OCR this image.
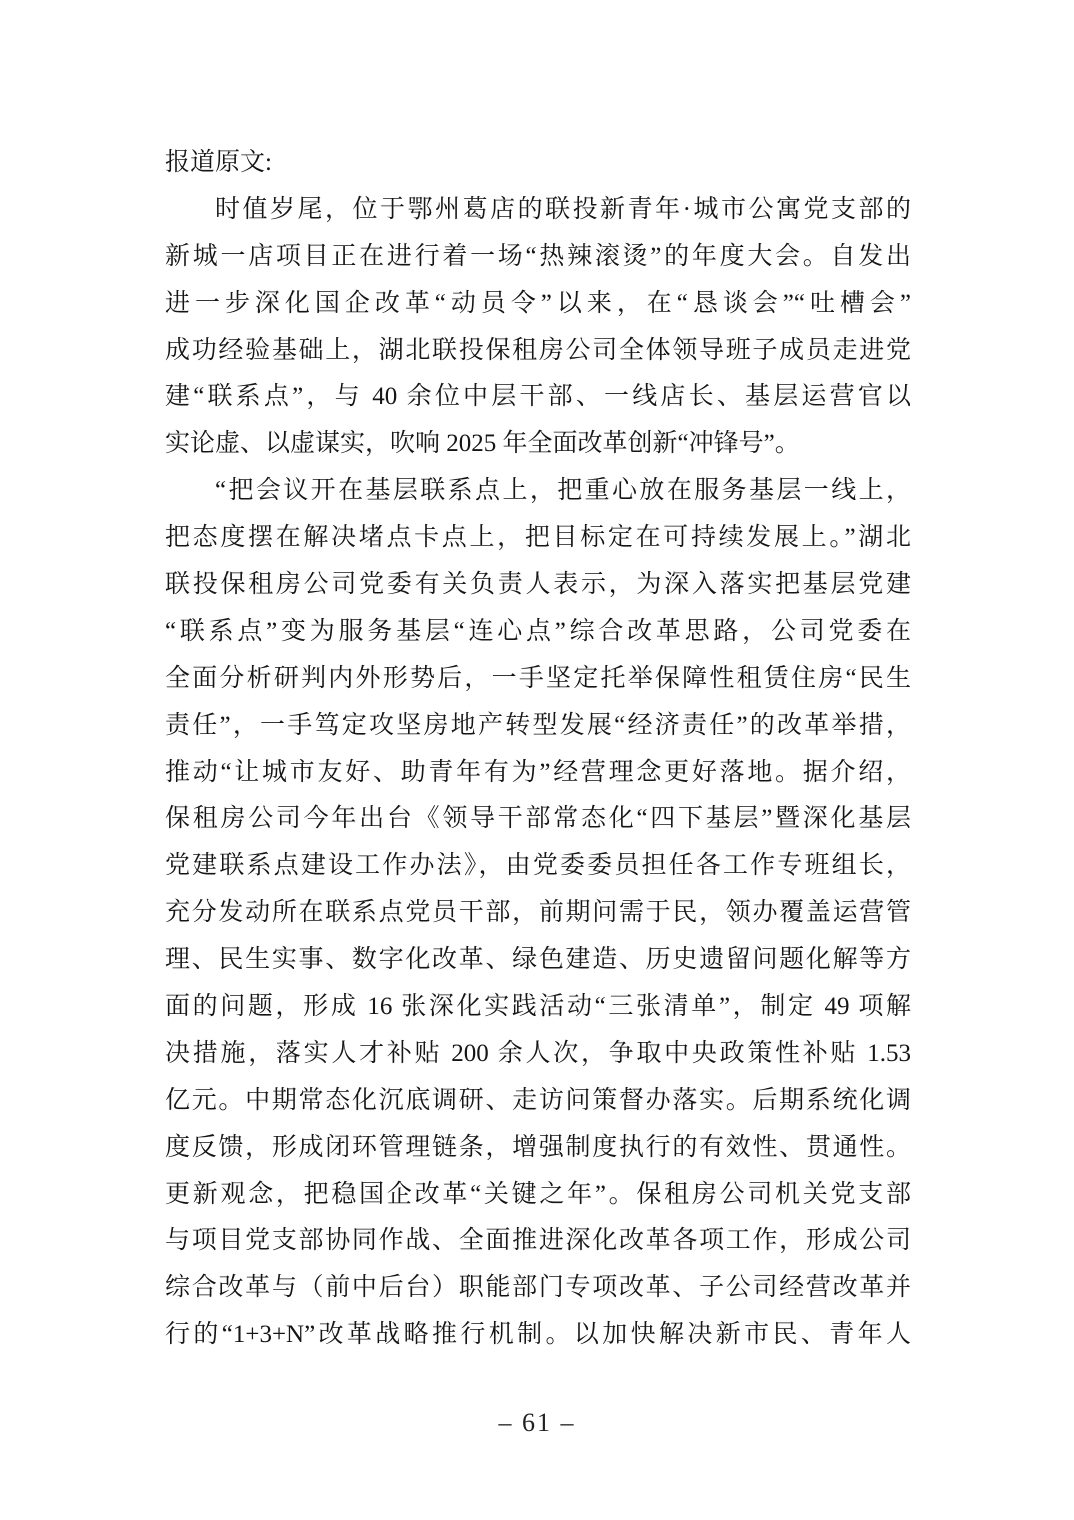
报道原文:
时值岁尾，位于鄂州葛店的联投新青年·城市公寓党支部的
新城一店项目正在进行着一场“热辣滚烫”的年度大会。自发出
进一步深化国企改革“动员令”以来，在“恳谈会”“吐槽会”
成功经验基础上，湖北联投保租房公司全体领导班子成员走进党
建“联系点”，与 40 余位中层干部、一线店长、基层运营官以
实论虚、以虚谋实，吹响 2025 年全面改革创新“冲锋号”。
“把会议开在基层联系点上，把重心放在服务基层一线上，
把态度摆在解决堵点卡点上，把目标定在可持续发展上。”湖北
联投保租房公司党委有关负责人表示，为深入落实把基层党建
“联系点”变为服务基层“连心点”综合改革思路，公司党委在
全面分析研判内外形势后，一手坚定托举保障性租赁住房“民生
责任”，一手笃定攻坚房地产转型发展“经济责任”的改革举措，
推动“让城市友好、助青年有为”经营理念更好落地。据介绍，
保租房公司今年出台《领导干部常态化“四下基层”暨深化基层
党建联系点建设工作办法》，由党委委员担任各工作专班组长，
充分发动所在联系点党员干部，前期问需于民，领办覆盖运营管
理、民生实事、数字化改革、绿色建造、历史遗留问题化解等方
面的问题，形成 16 张深化实践活动“三张清单”，制定 49 项解
决措施，落实人才补贴 200 余人次，争取中央政策性补贴 1.53
亿元。中期常态化沉底调研、走访问策督办落实。后期系统化调
度反馈，形成闭环管理链条，增强制度执行的有效性、贯通性。
更新观念，把稳国企改革“关键之年”。保租房公司机关党支部
与项目党支部协同作战、全面推进深化改革各项工作，形成公司
综合改革与（前中后台）职能部门专项改革、子公司经营改革并
行的“1+3+N”改革战略推行机制。以加快解决新市民、青年人
– 61 –
